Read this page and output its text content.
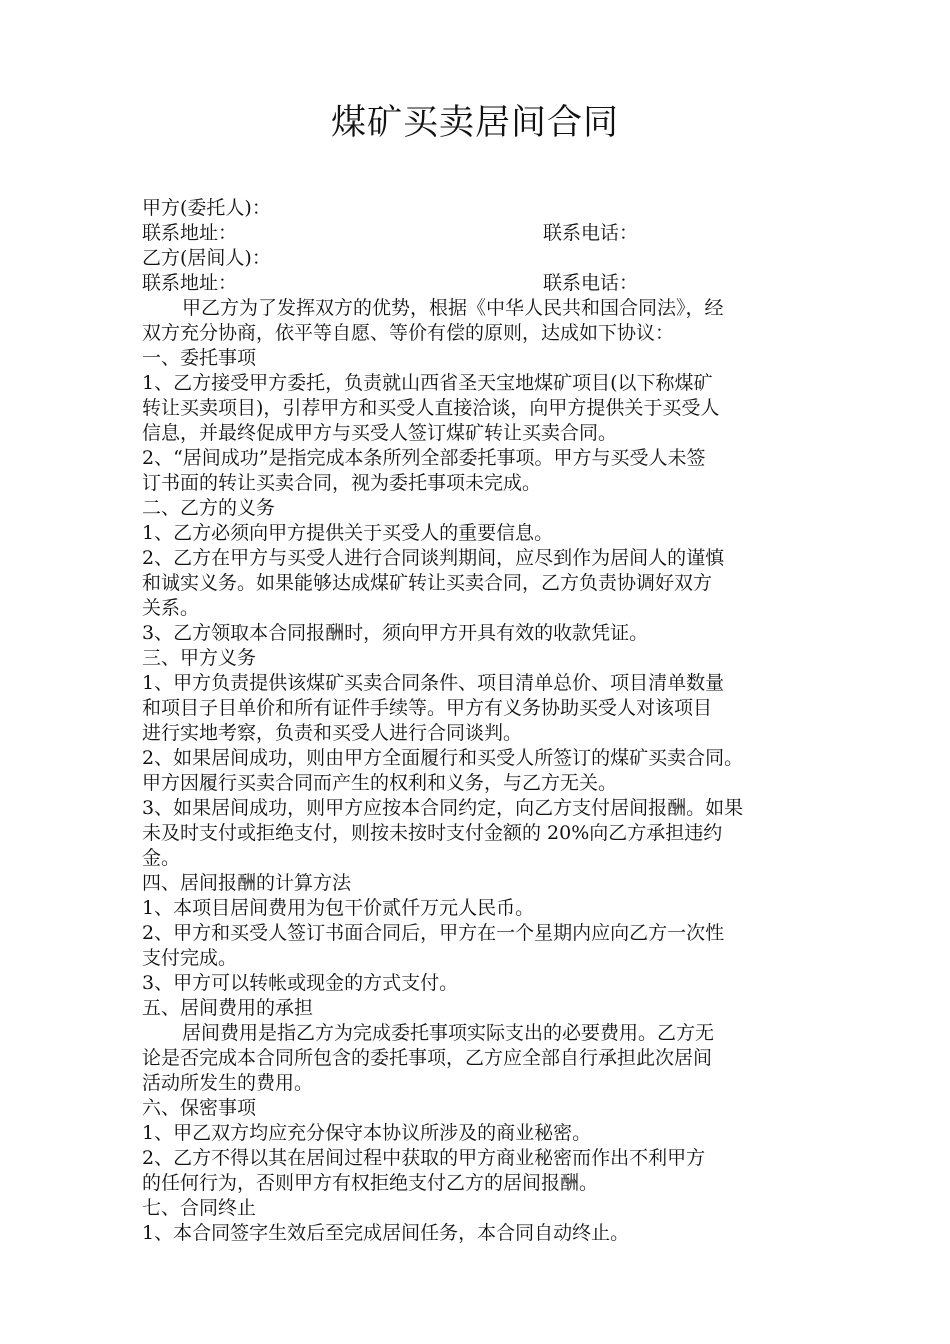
煤矿买卖居间合同
甲方(委托人)：
联系地址：	联系电话：
乙方(居间人)：
联系地址：	联系电话：
甲乙方为了发挥双方的优势，根据《中华人民共和国合同法》，经
双方充分协商，依平等自愿、等价有偿的原则，达成如下协议：
一、委托事项
1、乙方接受甲方委托，负责就山西省圣天宝地煤矿项目(以下称煤矿
转让买卖项目)，引荐甲方和买受人直接洽谈，向甲方提供关于买受人
信息，并最终促成甲方与买受人签订煤矿转让买卖合同。
2、“居间成功”是指完成本条所列全部委托事项。甲方与买受人未签
订书面的转让买卖合同，视为委托事项未完成。
二、乙方的义务
1、乙方必须向甲方提供关于买受人的重要信息。
2、乙方在甲方与买受人进行合同谈判期间，应尽到作为居间人的谨慎
和诚实义务。如果能够达成煤矿转让买卖合同，乙方负责协调好双方
关系。
3、乙方领取本合同报酬时，须向甲方开具有效的收款凭证。
三、甲方义务
1、甲方负责提供该煤矿买卖合同条件、项目清单总价、项目清单数量
和项目子目单价和所有证件手续等。甲方有义务协助买受人对该项目
进行实地考察，负责和买受人进行合同谈判。
2、如果居间成功，则由甲方全面履行和买受人所签订的煤矿买卖合同。
甲方因履行买卖合同而产生的权利和义务，与乙方无关。
3、如果居间成功，则甲方应按本合同约定，向乙方支付居间报酬。如果
未及时支付或拒绝支付，则按未按时支付金额的 20%向乙方承担违约
金。
四、居间报酬的计算方法
1、本项目居间费用为包干价贰仟万元人民币。
2、甲方和买受人签订书面合同后，甲方在一个星期内应向乙方一次性
支付完成。
3、甲方可以转帐或现金的方式支付。
五、居间费用的承担
居间费用是指乙方为完成委托事项实际支出的必要费用。乙方无
论是否完成本合同所包含的委托事项，乙方应全部自行承担此次居间
活动所发生的费用。
六、保密事项
1、甲乙双方均应充分保守本协议所涉及的商业秘密。
2、乙方不得以其在居间过程中获取的甲方商业秘密而作出不利甲方
的任何行为，否则甲方有权拒绝支付乙方的居间报酬。
七、合同终止
1、本合同签字生效后至完成居间任务，本合同自动终止。
